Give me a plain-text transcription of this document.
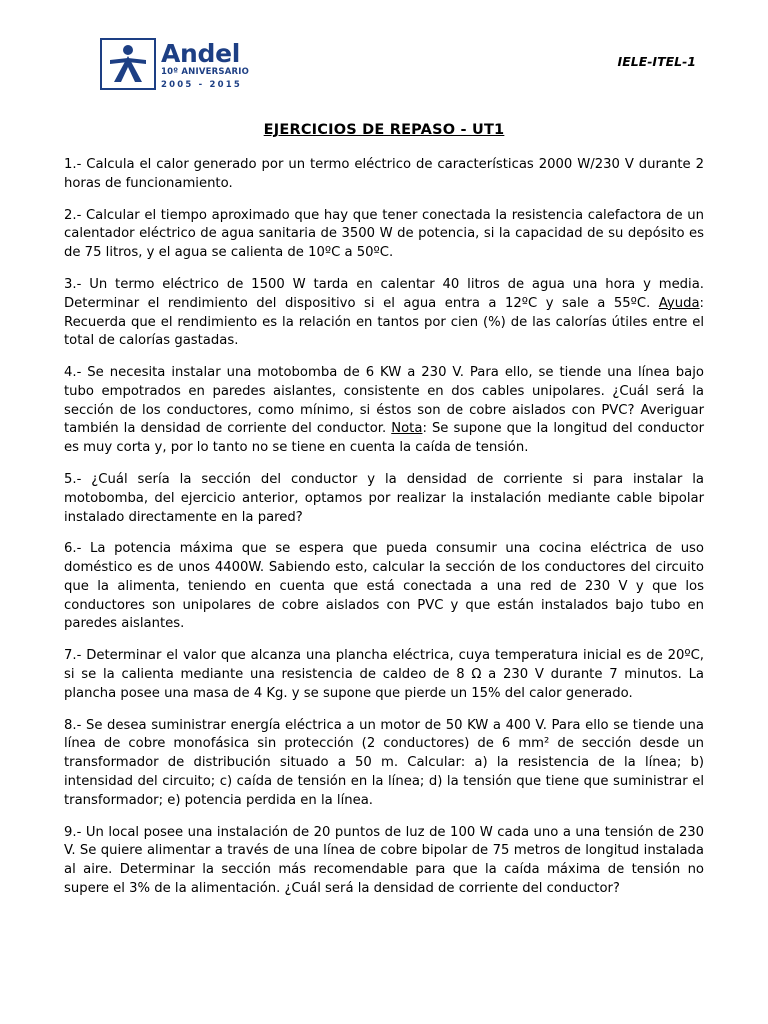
Andel
10º ANIVERSARIO
2005 - 2015
IELE-ITEL-1
EJERCICIOS DE REPASO - UT1

1.- Calcula el calor generado por un termo eléctrico de características 2000 W/230 V durante 2 horas de funcionamiento.

2.- Calcular el tiempo aproximado que hay que tener conectada la resistencia calefactora de un calentador eléctrico de agua sanitaria de 3500 W de potencia, si la capacidad de su depósito es de 75 litros, y el agua se calienta de 10ºC a 50ºC.

3.- Un termo eléctrico de 1500 W tarda en calentar 40 litros de agua una hora y media. Determinar el rendimiento del dispositivo si el agua entra a 12ºC y sale a 55ºC. Ayuda: Recuerda que el rendimiento es la relación en tantos por cien (%) de las calorías útiles entre el total de calorías gastadas.

4.- Se necesita instalar una motobomba de 6 KW a 230 V. Para ello, se tiende una línea bajo tubo empotrados en paredes aislantes, consistente en dos cables unipolares. ¿Cuál será la sección de los conductores, como mínimo, si éstos son de cobre aislados con PVC? Averiguar también la densidad de corriente del conductor. Nota: Se supone que la longitud del conductor es muy corta y, por lo tanto no se tiene en cuenta la caída de tensión.

5.- ¿Cuál sería la sección del conductor y la densidad de corriente si para instalar la motobomba, del ejercicio anterior, optamos por realizar la instalación mediante cable bipolar instalado directamente en la pared?

6.- La potencia máxima que se espera que pueda consumir una cocina eléctrica de uso doméstico es de unos 4400W. Sabiendo esto, calcular la sección de los conductores del circuito que la alimenta, teniendo en cuenta que está conectada a una red de 230 V y que los conductores son unipolares de cobre aislados con PVC y que están instalados bajo tubo en paredes aislantes.

7.- Determinar el valor que alcanza una plancha eléctrica, cuya temperatura inicial es de 20ºC, si se la calienta mediante una resistencia de caldeo de 8 Ω a 230 V durante 7 minutos. La plancha posee una masa de 4 Kg. y se supone que pierde un 15% del calor generado.

8.- Se desea suministrar energía eléctrica a un motor de 50 KW a 400 V. Para ello se tiende una línea de cobre monofásica sin protección (2 conductores) de 6 mm² de sección desde un transformador de distribución situado a 50 m. Calcular: a) la resistencia de la línea; b) intensidad del circuito; c) caída de tensión en la línea; d) la tensión que tiene que suministrar el transformador; e) potencia perdida en la línea.

9.- Un local posee una instalación de 20 puntos de luz de 100 W cada uno a una tensión de 230 V. Se quiere alimentar a través de una línea de cobre bipolar de 75 metros de longitud instalada al aire. Determinar la sección más recomendable para que la caída máxima de tensión no supere el 3% de la alimentación. ¿Cuál será la densidad de corriente del conductor?
